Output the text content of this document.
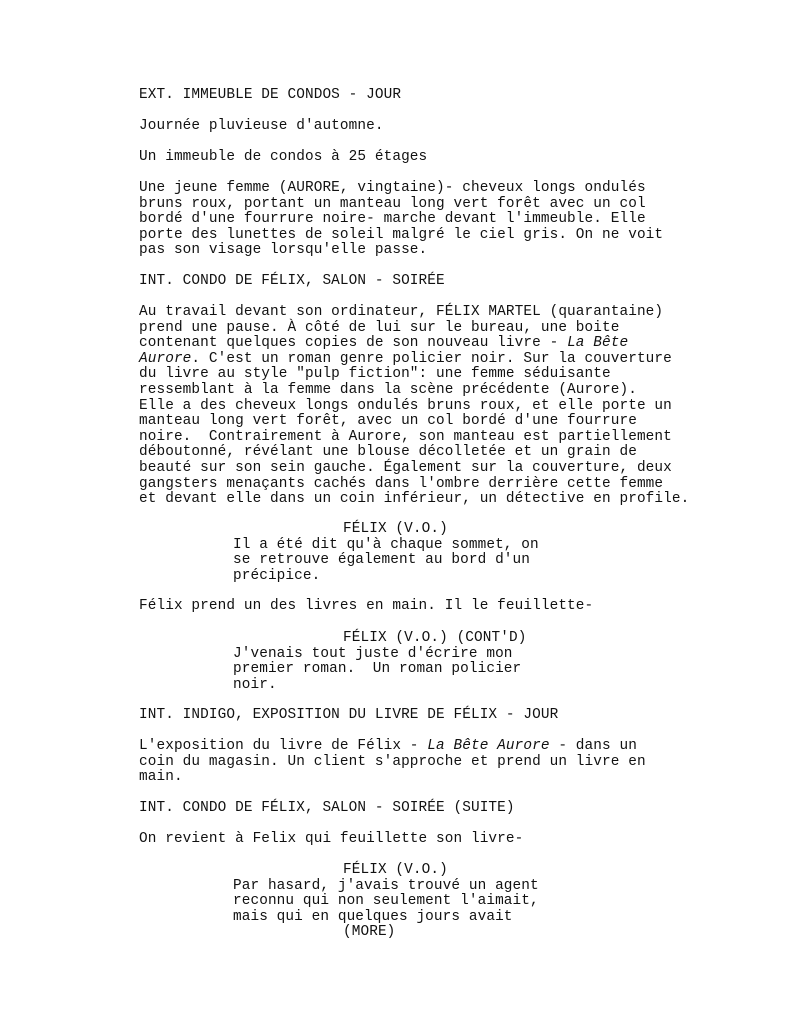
EXT. IMMEUBLE DE CONDOS - JOUR
Journée pluvieuse d'automne.
Un immeuble de condos à 25 étages
Une jeune femme (AURORE, vingtaine)- cheveux longs ondulés
bruns roux, portant un manteau long vert forêt avec un col
bordé d'une fourrure noire- marche devant l'immeuble. Elle
porte des lunettes de soleil malgré le ciel gris. On ne voit
pas son visage lorsqu'elle passe.
INT. CONDO DE FÉLIX, SALON - SOIRÉE
Au travail devant son ordinateur, FÉLIX MARTEL (quarantaine)
prend une pause. À côté de lui sur le bureau, une boite
contenant quelques copies de son nouveau livre - La Bête
Aurore. C'est un roman genre policier noir. Sur la couverture
du livre au style "pulp fiction": une femme séduisante
ressemblant à la femme dans la scène précédente (Aurore).
Elle a des cheveux longs ondulés bruns roux, et elle porte un
manteau long vert forêt, avec un col bordé d'une fourrure
noire.  Contrairement à Aurore, son manteau est partiellement
déboutonné, révélant une blouse décolletée et un grain de
beauté sur son sein gauche. Également sur la couverture, deux
gangsters menaçants cachés dans l'ombre derrière cette femme
et devant elle dans un coin inférieur, un détective en profile.
FÉLIX (V.O.)
Il a été dit qu'à chaque sommet, on
se retrouve également au bord d'un
précipice.
Félix prend un des livres en main. Il le feuillette-
FÉLIX (V.O.) (CONT'D)
J'venais tout juste d'écrire mon
premier roman.  Un roman policier
noir.
INT. INDIGO, EXPOSITION DU LIVRE DE FÉLIX - JOUR
L'exposition du livre de Félix - La Bête Aurore - dans un
coin du magasin. Un client s'approche et prend un livre en
main.
INT. CONDO DE FÉLIX, SALON - SOIRÉE (SUITE)
On revient à Felix qui feuillette son livre-
FÉLIX (V.O.)
Par hasard, j'avais trouvé un agent
reconnu qui non seulement l'aimait,
mais qui en quelques jours avait
(MORE)
